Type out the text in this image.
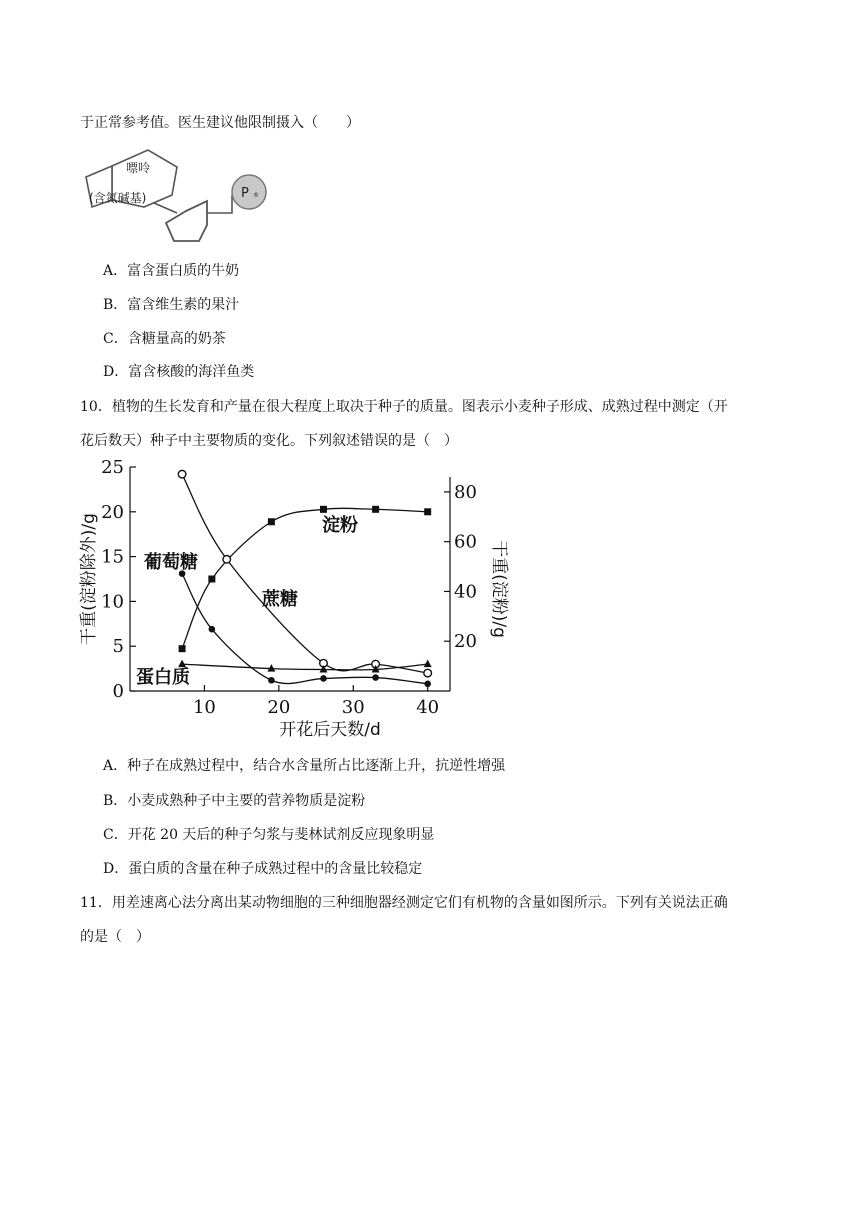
于正常参考值。医生建议他限制摄入（　　）
嘌呤
(含氮碱基)	P ®
A．富含蛋白质的牛奶
B．富含维生素的果汁
C．含糖量高的奶茶
D．富含核酸的海洋鱼类
10．植物的生长发育和产量在很大程度上取决于种子的质量。图表示小麦种子形成、成熟过程中测定（开
花后数天）种子中主要物质的变化。下列叙述错误的是（　）
0
5
10
15
20
25
20
40
60
80
10	20	30	40
开花后天数/d
干重(淀粉除外)/g	干重(淀粉)/g
淀粉
蔗糖
葡萄糖
蛋白质
A．种子在成熟过程中，结合水含量所占比逐渐上升，抗逆性增强
B．小麦成熟种子中主要的营养物质是淀粉
C．开花 20 天后的种子匀浆与斐林试剂反应现象明显
D．蛋白质的含量在种子成熟过程中的含量比较稳定
11．用差速离心法分离出某动物细胞的三种细胞器经测定它们有机物的含量如图所示。下列有关说法正确
的是（　）
